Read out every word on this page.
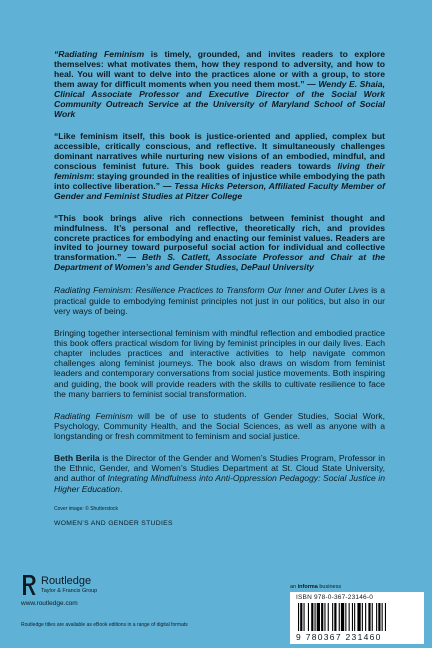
“Radiating Feminism is timely, grounded, and invites readers to explore themselves: what motivates them, how they respond to adversity, and how to heal. You will want to delve into the practices alone or with a group, to store them away for difficult moments when you need them most.” — Wendy E. Shaia, Clinical Associate Professor and Executive Director of the Social Work Community Outreach Service at the University of Maryland School of Social Work

“Like feminism itself, this book is justice-oriented and applied, complex but accessible, critically conscious, and reflective. It simultaneously challenges dominant narratives while nurturing new visions of an embodied, mindful, and conscious feminist future. This book guides readers towards living their feminism: staying grounded in the realities of injustice while embodying the path into collective liberation.” — Tessa Hicks Peterson, Affiliated Faculty Member of Gender and Feminist Studies at Pitzer College

“This book brings alive rich connections between feminist thought and mindfulness. It’s personal and reflective, theoretically rich, and provides concrete practices for embodying and enacting our feminist values. Readers are invited to journey toward purposeful social action for individual and collective transformation.” — Beth S. Catlett, Associate Professor and Chair at the Department of Women’s and Gender Studies, DePaul University

Radiating Feminism: Resilience Practices to Transform Our Inner and Outer Lives is a practical guide to embodying feminist principles not just in our politics, but also in our very ways of being.

Bringing together intersectional feminism with mindful reflection and embodied practice this book offers practical wisdom for living by feminist principles in our daily lives. Each chapter includes practices and interactive activities to help navigate common challenges along feminist journeys. The book also draws on wisdom from feminist leaders and contemporary conversations from social justice movements. Both inspiring and guiding, the book will provide readers with the skills to cultivate resilience to face the many barriers to feminist social transformation.

Radiating Feminism will be of use to students of Gender Studies, Social Work, Psychology, Community Health, and the Social Sciences, as well as anyone with a longstanding or fresh commitment to feminism and social justice.

Beth Berila is the Director of the Gender and Women’s Studies Program, Professor in the Ethnic, Gender, and Women’s Studies Department at St. Cloud State University, and author of Integrating Mindfulness into Anti-Oppression Pedagogy: Social Justice in Higher Education.

Cover image: © Shutterstock

WOMEN’S AND GENDER STUDIES

Routledge
Taylor & Francis Group
www.routledge.com
Routledge titles are available as eBook editions in a range of digital formats
an informa business
ISBN 978-0-367-23146-0
9 780367 231460
